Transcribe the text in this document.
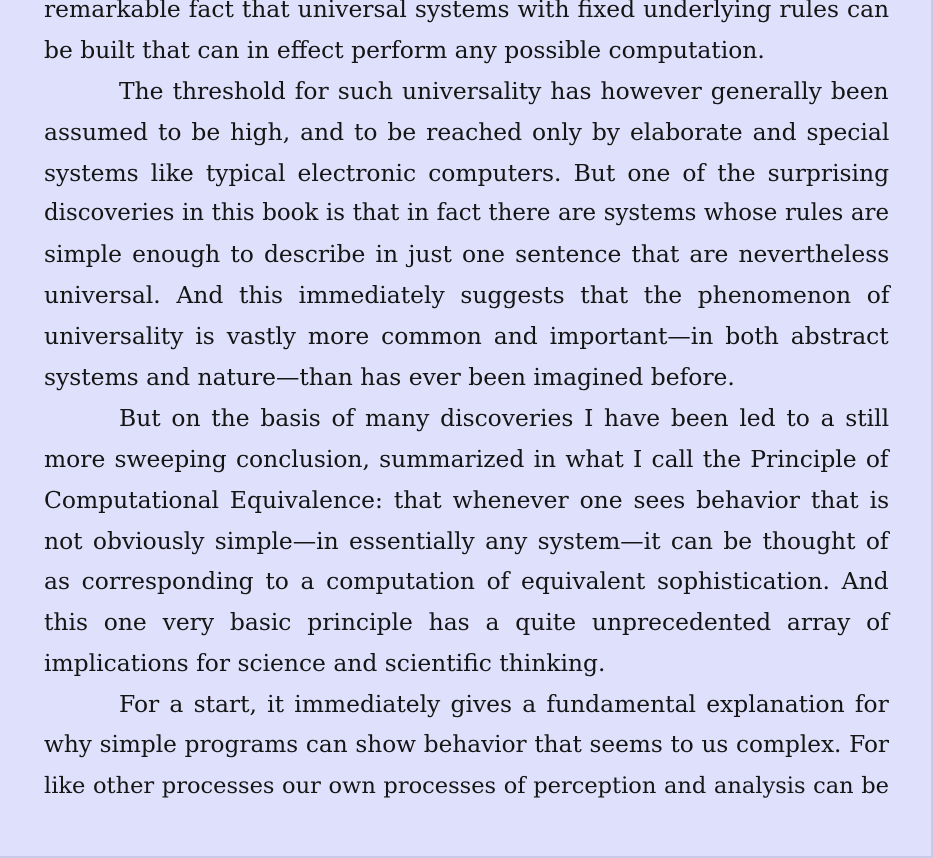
remarkable fact that universal systems with fixed underlying rules can
be built that can in effect perform any possible computation.
The threshold for such universality has however generally been
assumed to be high, and to be reached only by elaborate and special
systems like typical electronic computers. But one of the surprising
discoveries in this book is that in fact there are systems whose rules are
simple enough to describe in just one sentence that are nevertheless
universal. And this immediately suggests that the phenomenon of
universality is vastly more common and important—in both abstract
systems and nature—than has ever been imagined before.
But on the basis of many discoveries I have been led to a still
more sweeping conclusion, summarized in what I call the Principle of
Computational Equivalence: that whenever one sees behavior that is
not obviously simple—in essentially any system—it can be thought of
as corresponding to a computation of equivalent sophistication. And
this one very basic principle has a quite unprecedented array of
implications for science and scientific thinking.
For a start, it immediately gives a fundamental explanation for
why simple programs can show behavior that seems to us complex. For
like other processes our own processes of perception and analysis can be
